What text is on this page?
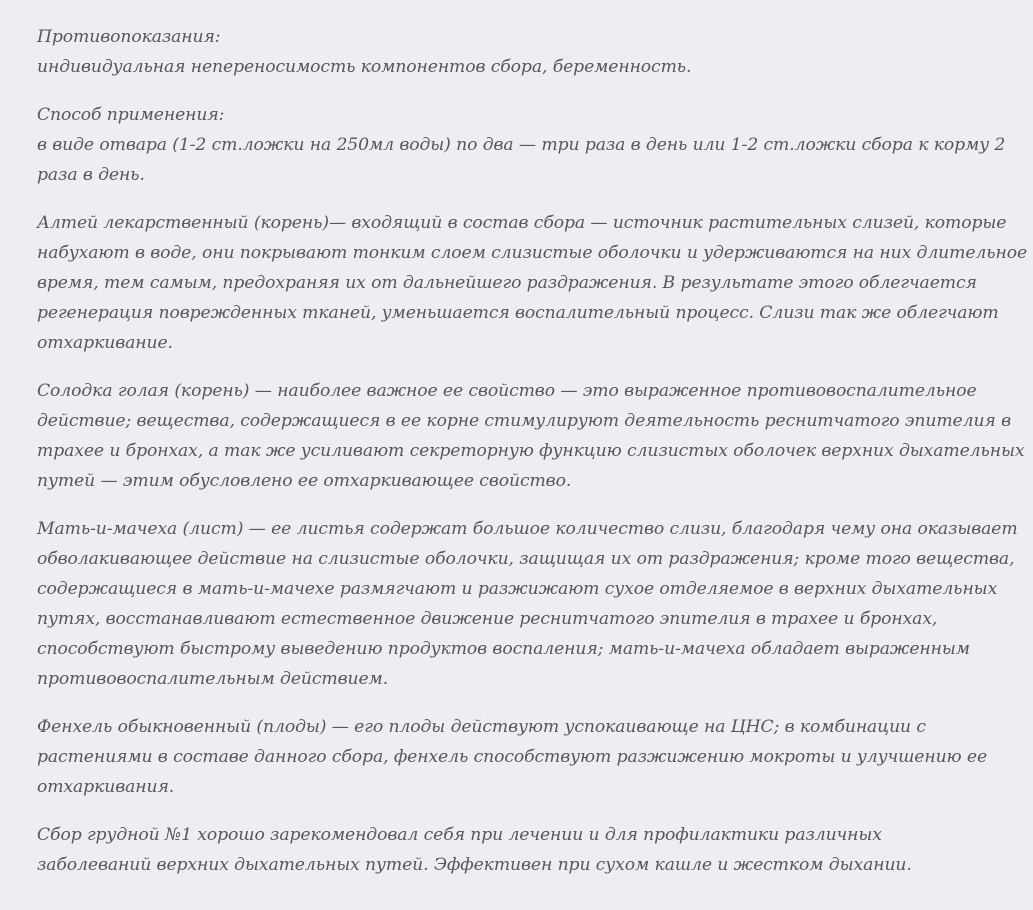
Противопоказания:
индивидуальная непереносимость компонентов сбора, беременность.

Способ применения:
в виде отвара (1-2 ст.ложки на 250мл воды) по два — три раза в день или 1-2 ст.ложки сбора к корму 2
раза в день.

Алтей лекарственный (корень)— входящий в состав сбора — источник растительных слизей, которые
набухают в воде, они покрывают тонким слоем слизистые оболочки и удерживаются на них длительное
время, тем самым, предохраняя их от дальнейшего раздражения. В результате этого облегчается
регенерация поврежденных тканей, уменьшается воспалительный процесс. Слизи так же облегчают
отхаркивание.

Солодка голая (корень) — наиболее важное ее свойство — это выраженное противовоспалительное
действие; вещества, содержащиеся в ее корне стимулируют деятельность реснитчатого эпителия в
трахее и бронхах, а так же усиливают секреторную функцию слизистых оболочек верхних дыхательных
путей — этим обусловлено ее отхаркивающее свойство.

Мать-и-мачеха (лист) — ее листья содержат большое количество слизи, благодаря чему она оказывает
обволакивающее действие на слизистые оболочки, защищая их от раздражения; кроме того вещества,
содержащиеся в мать-и-мачехе размягчают и разжижают сухое отделяемое в верхних дыхательных
путях, восстанавливают естественное движение реснитчатого эпителия в трахее и бронхах,
способствуют быстрому выведению продуктов воспаления; мать-и-мачеха обладает выраженным
противовоспалительным действием.

Фенхель обыкновенный (плоды) — его плоды действуют успокаивающе на ЦНС; в комбинации с
растениями в составе данного сбора, фенхель способствуют разжижению мокроты и улучшению ее
отхаркивания.

Сбор грудной №1 хорошо зарекомендовал себя при лечении и для профилактики различных
заболеваний верхних дыхательных путей. Эффективен при сухом кашле и жестком дыхании.
